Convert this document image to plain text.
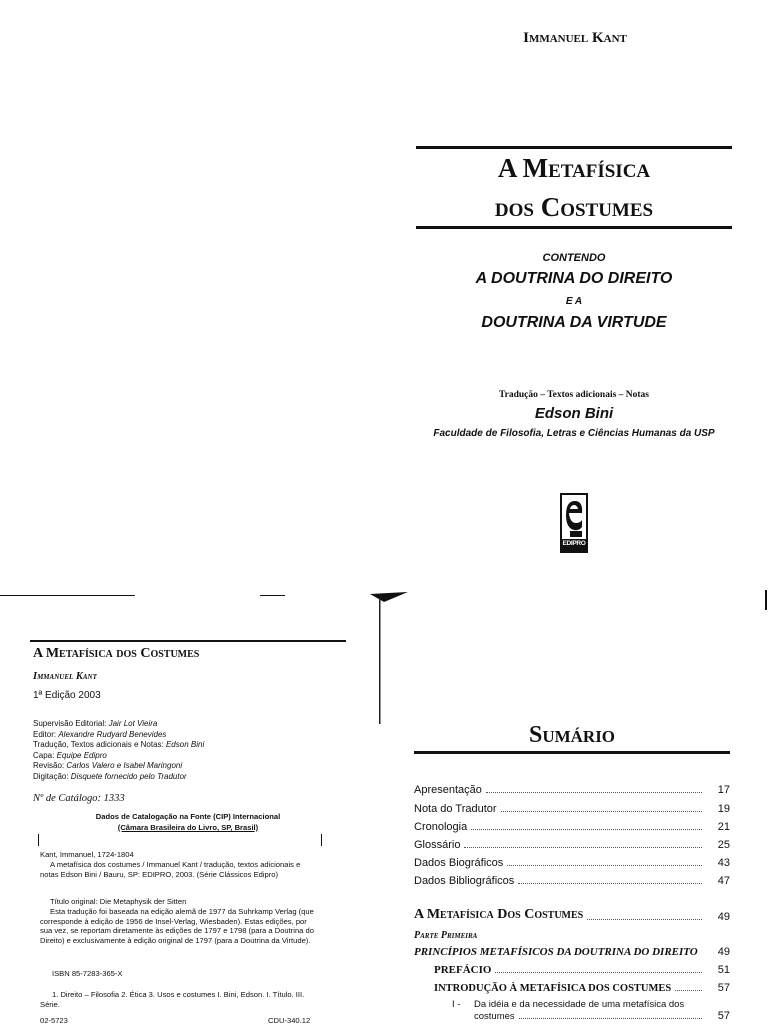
Immanuel Kant
A Metafísica
dos Costumes
CONTENDO
A DOUTRINA DO DIREITO
E A
DOUTRINA DA VIRTUDE
Tradução – Textos adicionais – Notas
Edson Bini
Faculdade de Filosofia, Letras e Ciências Humanas da USP
EDIPRO
A Metafísica dos Costumes
Immanuel Kant
1ª Edição 2003
Supervisão Editorial: Jair Lot Vieira
Editor: Alexandre Rudyard Benevides
Tradução, Textos adicionais e Notas: Edson Bini
Capa: Equipe Edipro
Revisão: Carlos Valero e Isabel Maringoni
Digitação: Disquete fornecido pelo Tradutor
Nº de Catálogo: 1333
Dados de Catalogação na Fonte (CIP) Internacional
(Câmara Brasileira do Livro, SP, Brasil)
Kant, Immanuel, 1724-1804
A metafísica dos costumes / Immanuel Kant / tradução, textos adicionais e notas Edson Bini / Bauru, SP: EDIPRO, 2003. (Série Clássicos Edipro)
Título original: Die Metaphysik der Sitten
Esta tradução foi baseada na edição alemã de 1977 da Suhrkamp Verlag (que corresponde à edição de 1956 de Insel-Verlag, Wiesbaden). Estas edições, por sua vez, se reportam diretamente às edições de 1797 e 1798 (para a Doutrina do Direito) e exclusivamente à edição original de 1797 (para a Doutrina da Virtude).
ISBN 85-7283-365-X
1. Direito – Filosofia 2. Ética 3. Usos e costumes I. Bini, Edson. I. Título. III. Série.
02-5723	CDU-340.12
Sumário
Apresentação	17
Nota do Tradutor	19
Cronologia	21
Glossário	25
Dados Biográficos	43
Dados Bibliográficos	47
A Metafísica Dos Costumes	49
Parte Primeira
PRINCÍPIOS METAFÍSICOS DA DOUTRINA DO DIREITO	49
PREFÁCIO	51
INTRODUÇÃO À METAFÍSICA DOS COSTUMES	57
I - Da idéia e da necessidade de uma metafísica dos
costumes	57
